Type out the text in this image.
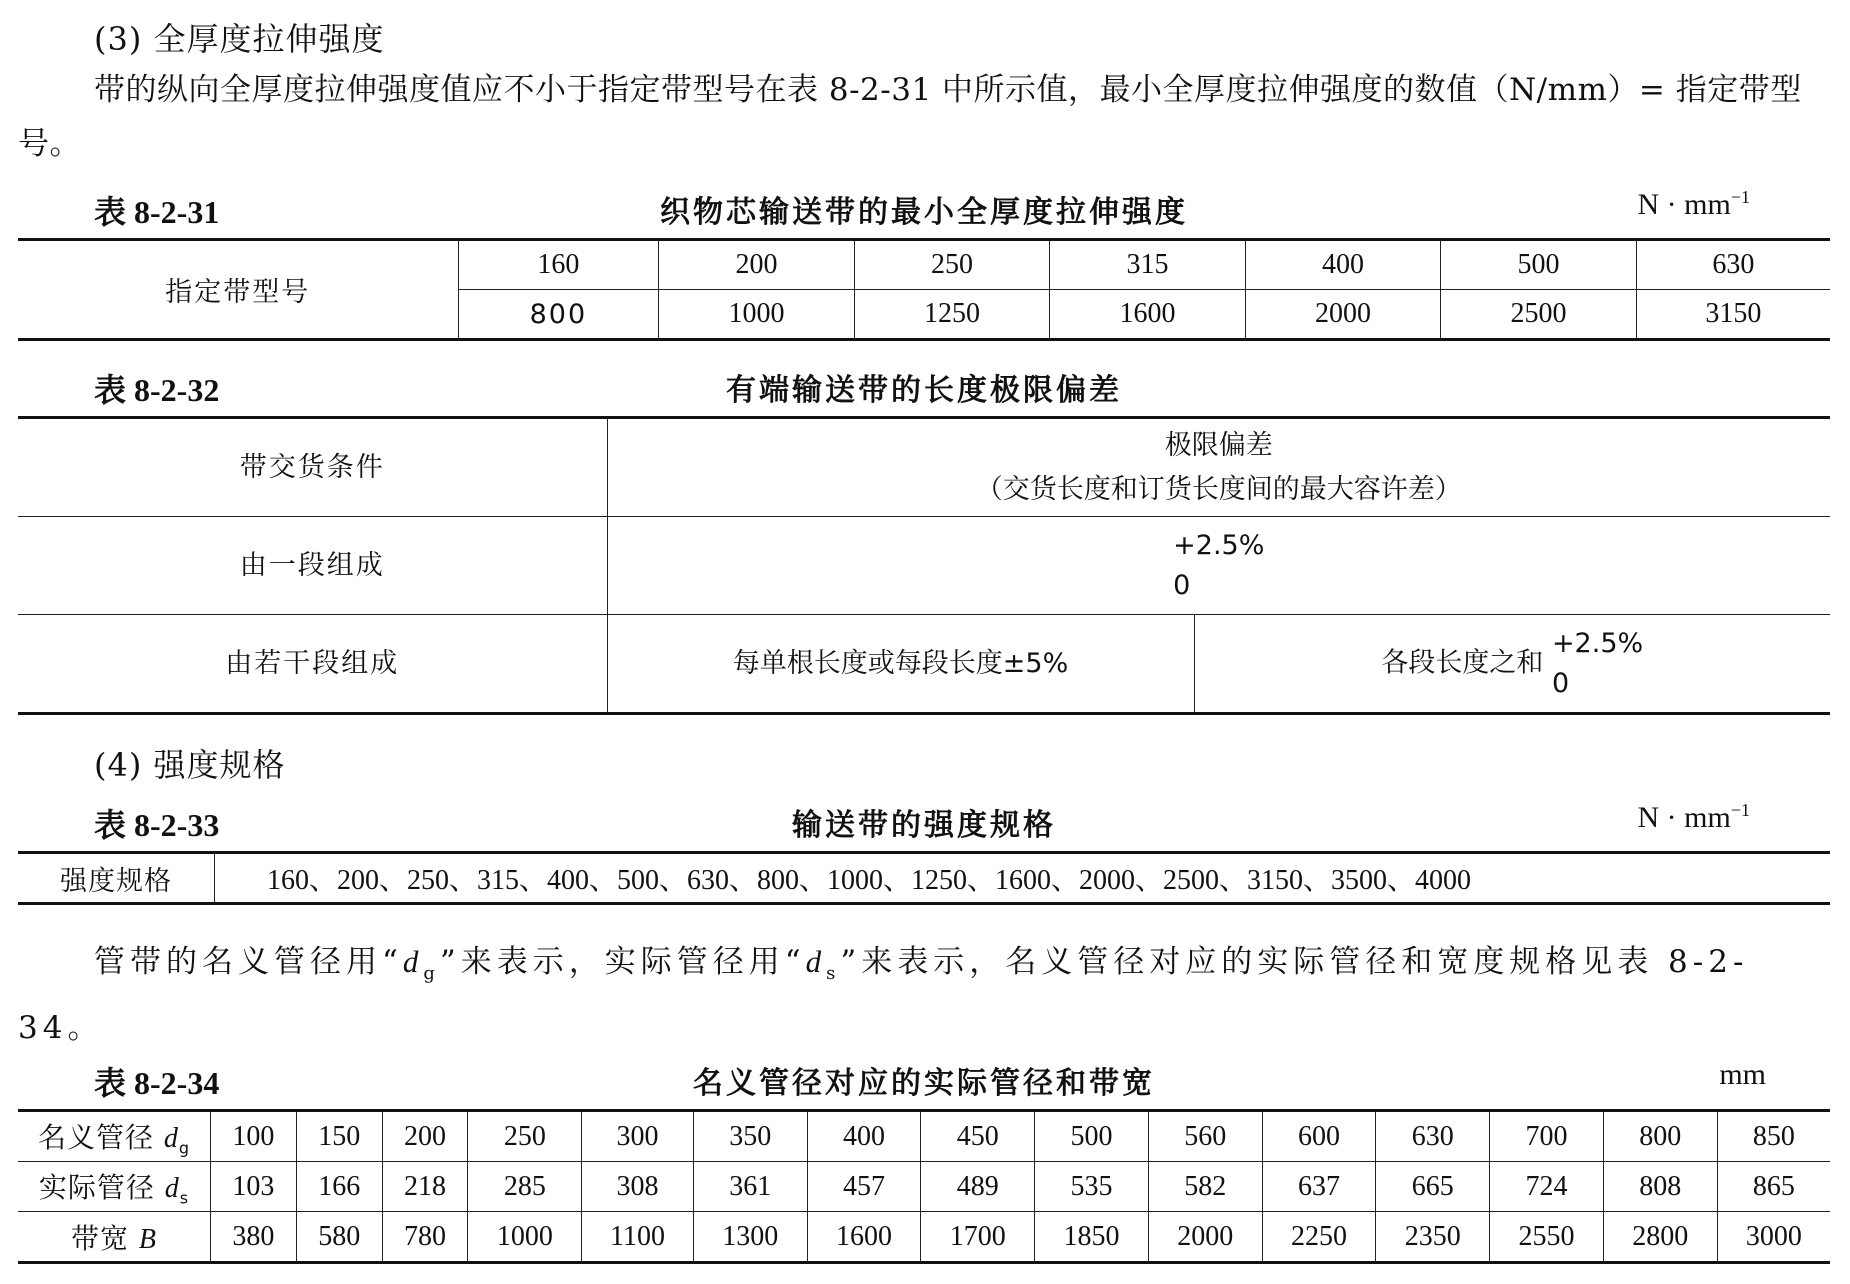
(3) 全厚度拉伸强度
带的纵向全厚度拉伸强度值应不小于指定带型号在表 8-2-31 中所示值，最小全厚度拉伸强度的数值（N/mm）= 指定带型号。
表 8-2-31	织物芯输送带的最小全厚度拉伸强度	$N \cdot mm^{-1}$
指定带型号	160	200	250	315	400	500	630
	800	1000	1250	1600	2000	2500	3150
表 8-2-32	有端输送带的长度极限偏差
带交货条件	极限偏差
（交货长度和订货长度间的最大容许差）	

由一段组成	+2.5%
0	

由若干段组成	每单根长度或每段长度±5%	各段长度之和
+2.5%
0
(4) 强度规格
表 8-2-33	输送带的强度规格	$N \cdot mm^{-1}$
强度规格	160、200、250、315、400、500、630、800、1000、1250、1600、2000、2500、3150、3500、4000
管带的名义管径用“$d_g$”来表示，实际管径用“$d_s$”来表示，名义管径对应的实际管径和宽度规格见表 8-2-34。
表 8-2-34	名义管径对应的实际管径和带宽	mm
名义管径 $d_g$	100	150	200	250	300	350	400	450	500	560	600	630	700	800	850
实际管径 $d_s$	103	166	218	285	308	361	457	489	535	582	637	665	724	808	865
带宽 B	380	580	780	1000	1100	1300	1600	1700	1850	2000	2250	2350	2550	2800	3000
